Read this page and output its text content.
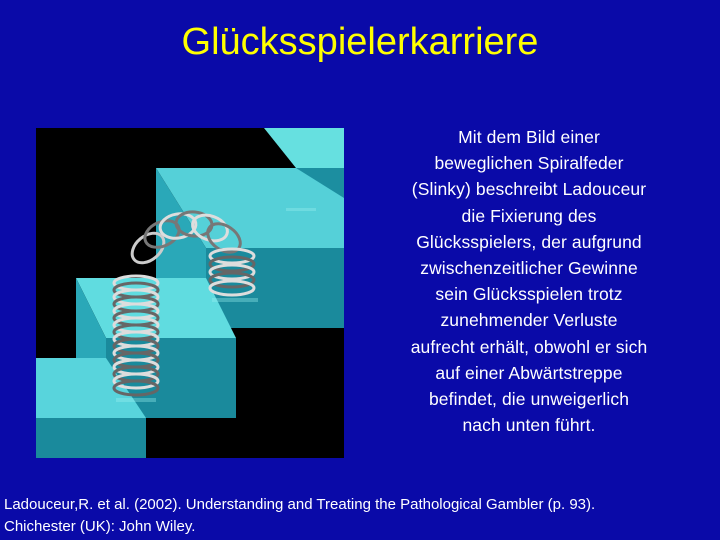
Glücksspielerkarriere
Mit dem Bild einer
beweglichen Spiralfeder
(Slinky) beschreibt Ladouceur
die Fixierung des
Glücksspielers, der aufgrund
zwischenzeitlicher Gewinne
sein Glücksspielen trotz
zunehmender Verluste
aufrecht erhält, obwohl er sich
auf einer Abwärtstreppe
befindet, die unweigerlich
nach unten führt.
Ladouceur,R. et al. (2002). Understanding and Treating the Pathological Gambler (p. 93).
Chichester (UK): John Wiley.
